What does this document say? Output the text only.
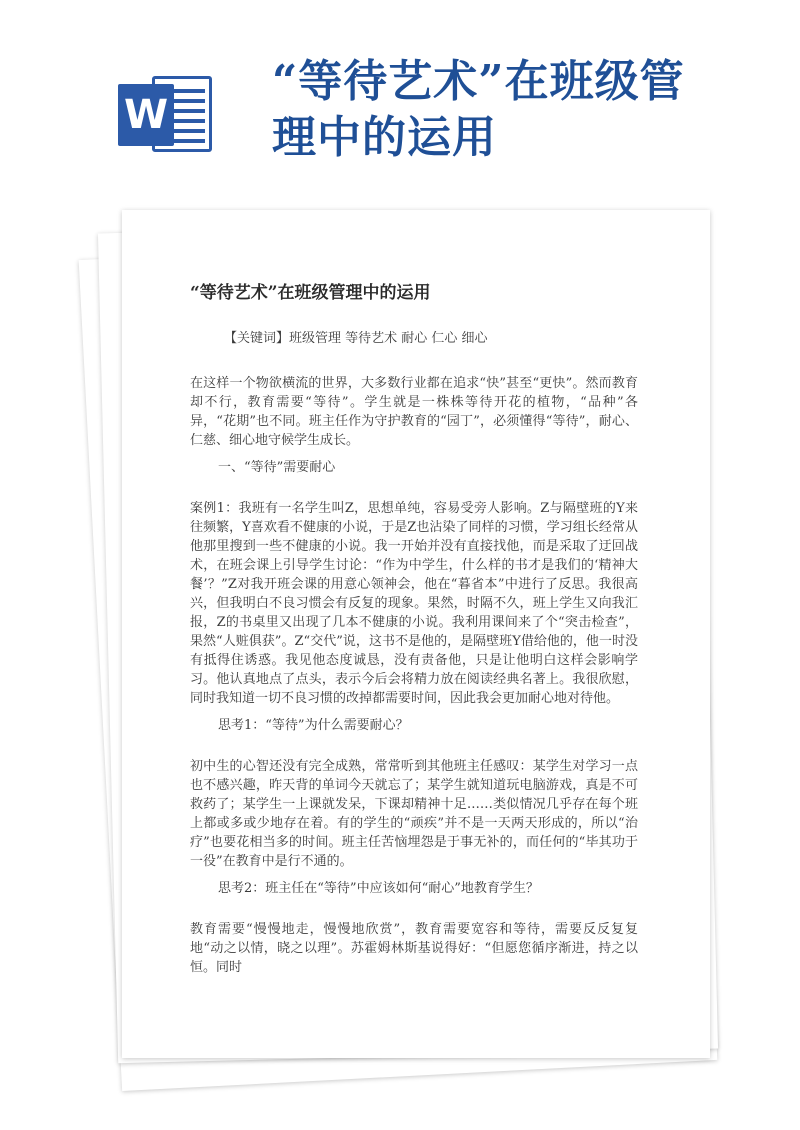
W
“等待艺术”在班级管
理中的运用
“等待艺术”在班级管理中的运用
【关键词】班级管理 等待艺术 耐心 仁心 细心

在这样一个物欲横流的世界，大多数行业都在追求“快”甚至“更快”。然而教育却不行，教育需要“等待”。学生就是一株株等待开花的植物，“品种”各异，“花期”也不同。班主任作为守护教育的“园丁”，必须懂得“等待”，耐心、仁慈、细心地守候学生成长。

一、“等待”需要耐心

案例1：我班有一名学生叫Z，思想单纯，容易受旁人影响。Z与隔壁班的Y来往频繁，Y喜欢看不健康的小说，于是Z也沾染了同样的习惯，学习组长经常从他那里搜到一些不健康的小说。我一开始并没有直接找他，而是采取了迂回战术，在班会课上引导学生讨论：“作为中学生，什么样的书才是我们的‘精神大餐’？”Z对我开班会课的用意心领神会，他在“暮省本”中进行了反思。我很高兴，但我明白不良习惯会有反复的现象。果然，时隔不久，班上学生又向我汇报，Z的书桌里又出现了几本不健康的小说。我利用课间来了个“突击检查”，果然“人赃俱获”。Z“交代”说，这书不是他的，是隔壁班Y借给他的，他一时没有抵得住诱惑。我见他态度诚恳，没有责备他，只是让他明白这样会影响学习。他认真地点了点头，表示今后会将精力放在阅读经典名著上。我很欣慰，同时我知道一切不良习惯的改掉都需要时间，因此我会更加耐心地对待他。

思考1：“等待”为什么需要耐心？

初中生的心智还没有完全成熟，常常听到其他班主任感叹：某学生对学习一点也不感兴趣，昨天背的单词今天就忘了；某学生就知道玩电脑游戏，真是不可救药了；某学生一上课就发呆，下课却精神十足……类似情况几乎存在每个班上都或多或少地存在着。有的学生的“顽疾”并不是一天两天形成的，所以“治疗”也要花相当多的时间。班主任苦恼埋怨是于事无补的，而任何的“毕其功于一役”在教育中是行不通的。

思考2：班主任在“等待”中应该如何“耐心”地教育学生？

教育需要“慢慢地走，慢慢地欣赏”，教育需要宽容和等待，需要反反复复地“动之以情，晓之以理”。苏霍姆林斯基说得好：“但愿您循序渐进，持之以恒。同时
